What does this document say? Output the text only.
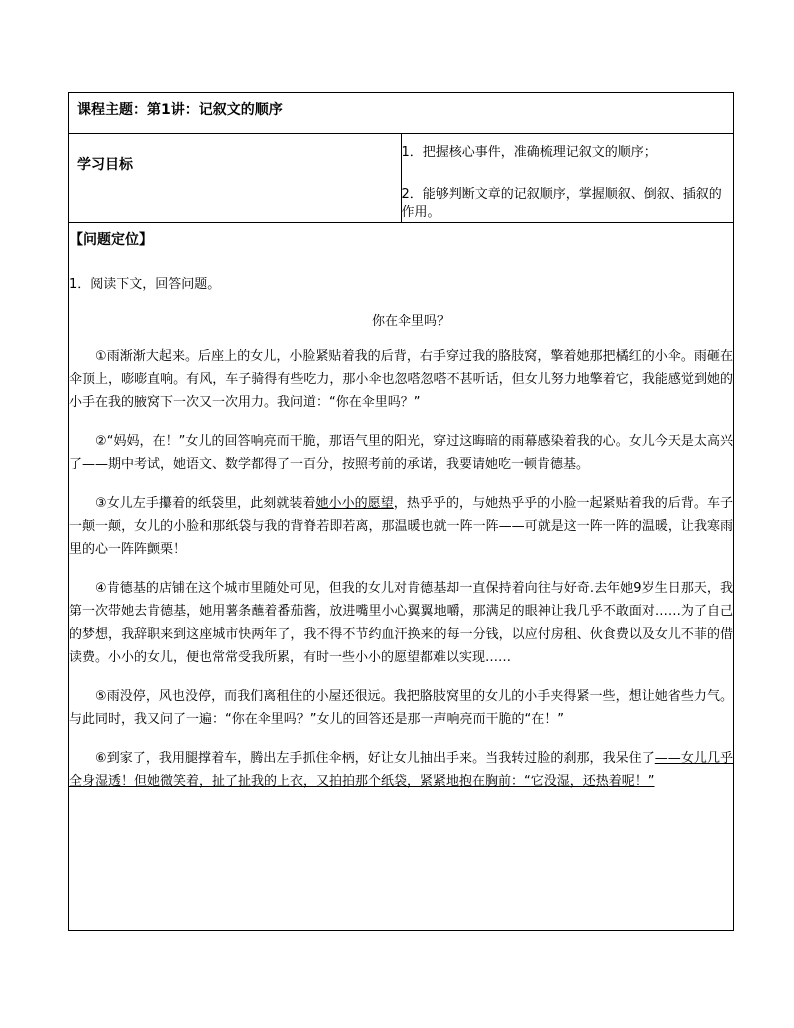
课程主题：第1讲：记叙文的顺序

学习目标

1．把握核心事件，准确梳理记叙文的顺序；
2．能够判断文章的记叙顺序，掌握顺叙、倒叙、插叙的作用。

【问题定位】
1．阅读下文，回答问题。
你在伞里吗？

①雨渐渐大起来。后座上的女儿，小脸紧贴着我的后背，右手穿过我的胳肢窝，擎着她那把橘红的小伞。雨砸在伞顶上，嘭嘭直响。有风，车子骑得有些吃力，那小伞也忽嗒忽嗒不甚听话，但女儿努力地擎着它，我能感觉到她的小手在我的腋窝下一次又一次用力。我问道：“你在伞里吗？”

②“妈妈，在！”女儿的回答响亮而干脆，那语气里的阳光，穿过这晦暗的雨幕感染着我的心。女儿今天是太高兴了——期中考试，她语文、数学都得了一百分，按照考前的承诺，我要请她吃一顿肯德基。

③女儿左手攥着的纸袋里，此刻就装着她小小的愿望，热乎乎的，与她热乎乎的小脸一起紧贴着我的后背。车子一颠一颠，女儿的小脸和那纸袋与我的背脊若即若离，那温暖也就一阵一阵——可就是这一阵一阵的温暖，让我寒雨里的心一阵阵颤栗！

④肯德基的店铺在这个城市里随处可见，但我的女儿对肯德基却一直保持着向往与好奇.去年她9岁生日那天，我第一次带她去肯德基，她用薯条蘸着番茄酱，放进嘴里小心翼翼地嚼，那满足的眼神让我几乎不敢面对……为了自己的梦想，我辞职来到这座城市快两年了，我不得不节约血汗换来的每一分钱，以应付房租、伙食费以及女儿不菲的借读费。小小的女儿，便也常常受我所累，有时一些小小的愿望都难以实现……

⑤雨没停，风也没停，而我们离租住的小屋还很远。我把胳肢窝里的女儿的小手夹得紧一些，想让她省些力气。与此同时，我又问了一遍：“你在伞里吗？”女儿的回答还是那一声响亮而干脆的“在！”

⑥到家了，我用腿撑着车，腾出左手抓住伞柄，好让女儿抽出手来。当我转过脸的刹那，我呆住了——女儿几乎全身湿透！但她微笑着，扯了扯我的上衣，又拍拍那个纸袋，紧紧地抱在胸前：“它没湿，还热着呢！”
